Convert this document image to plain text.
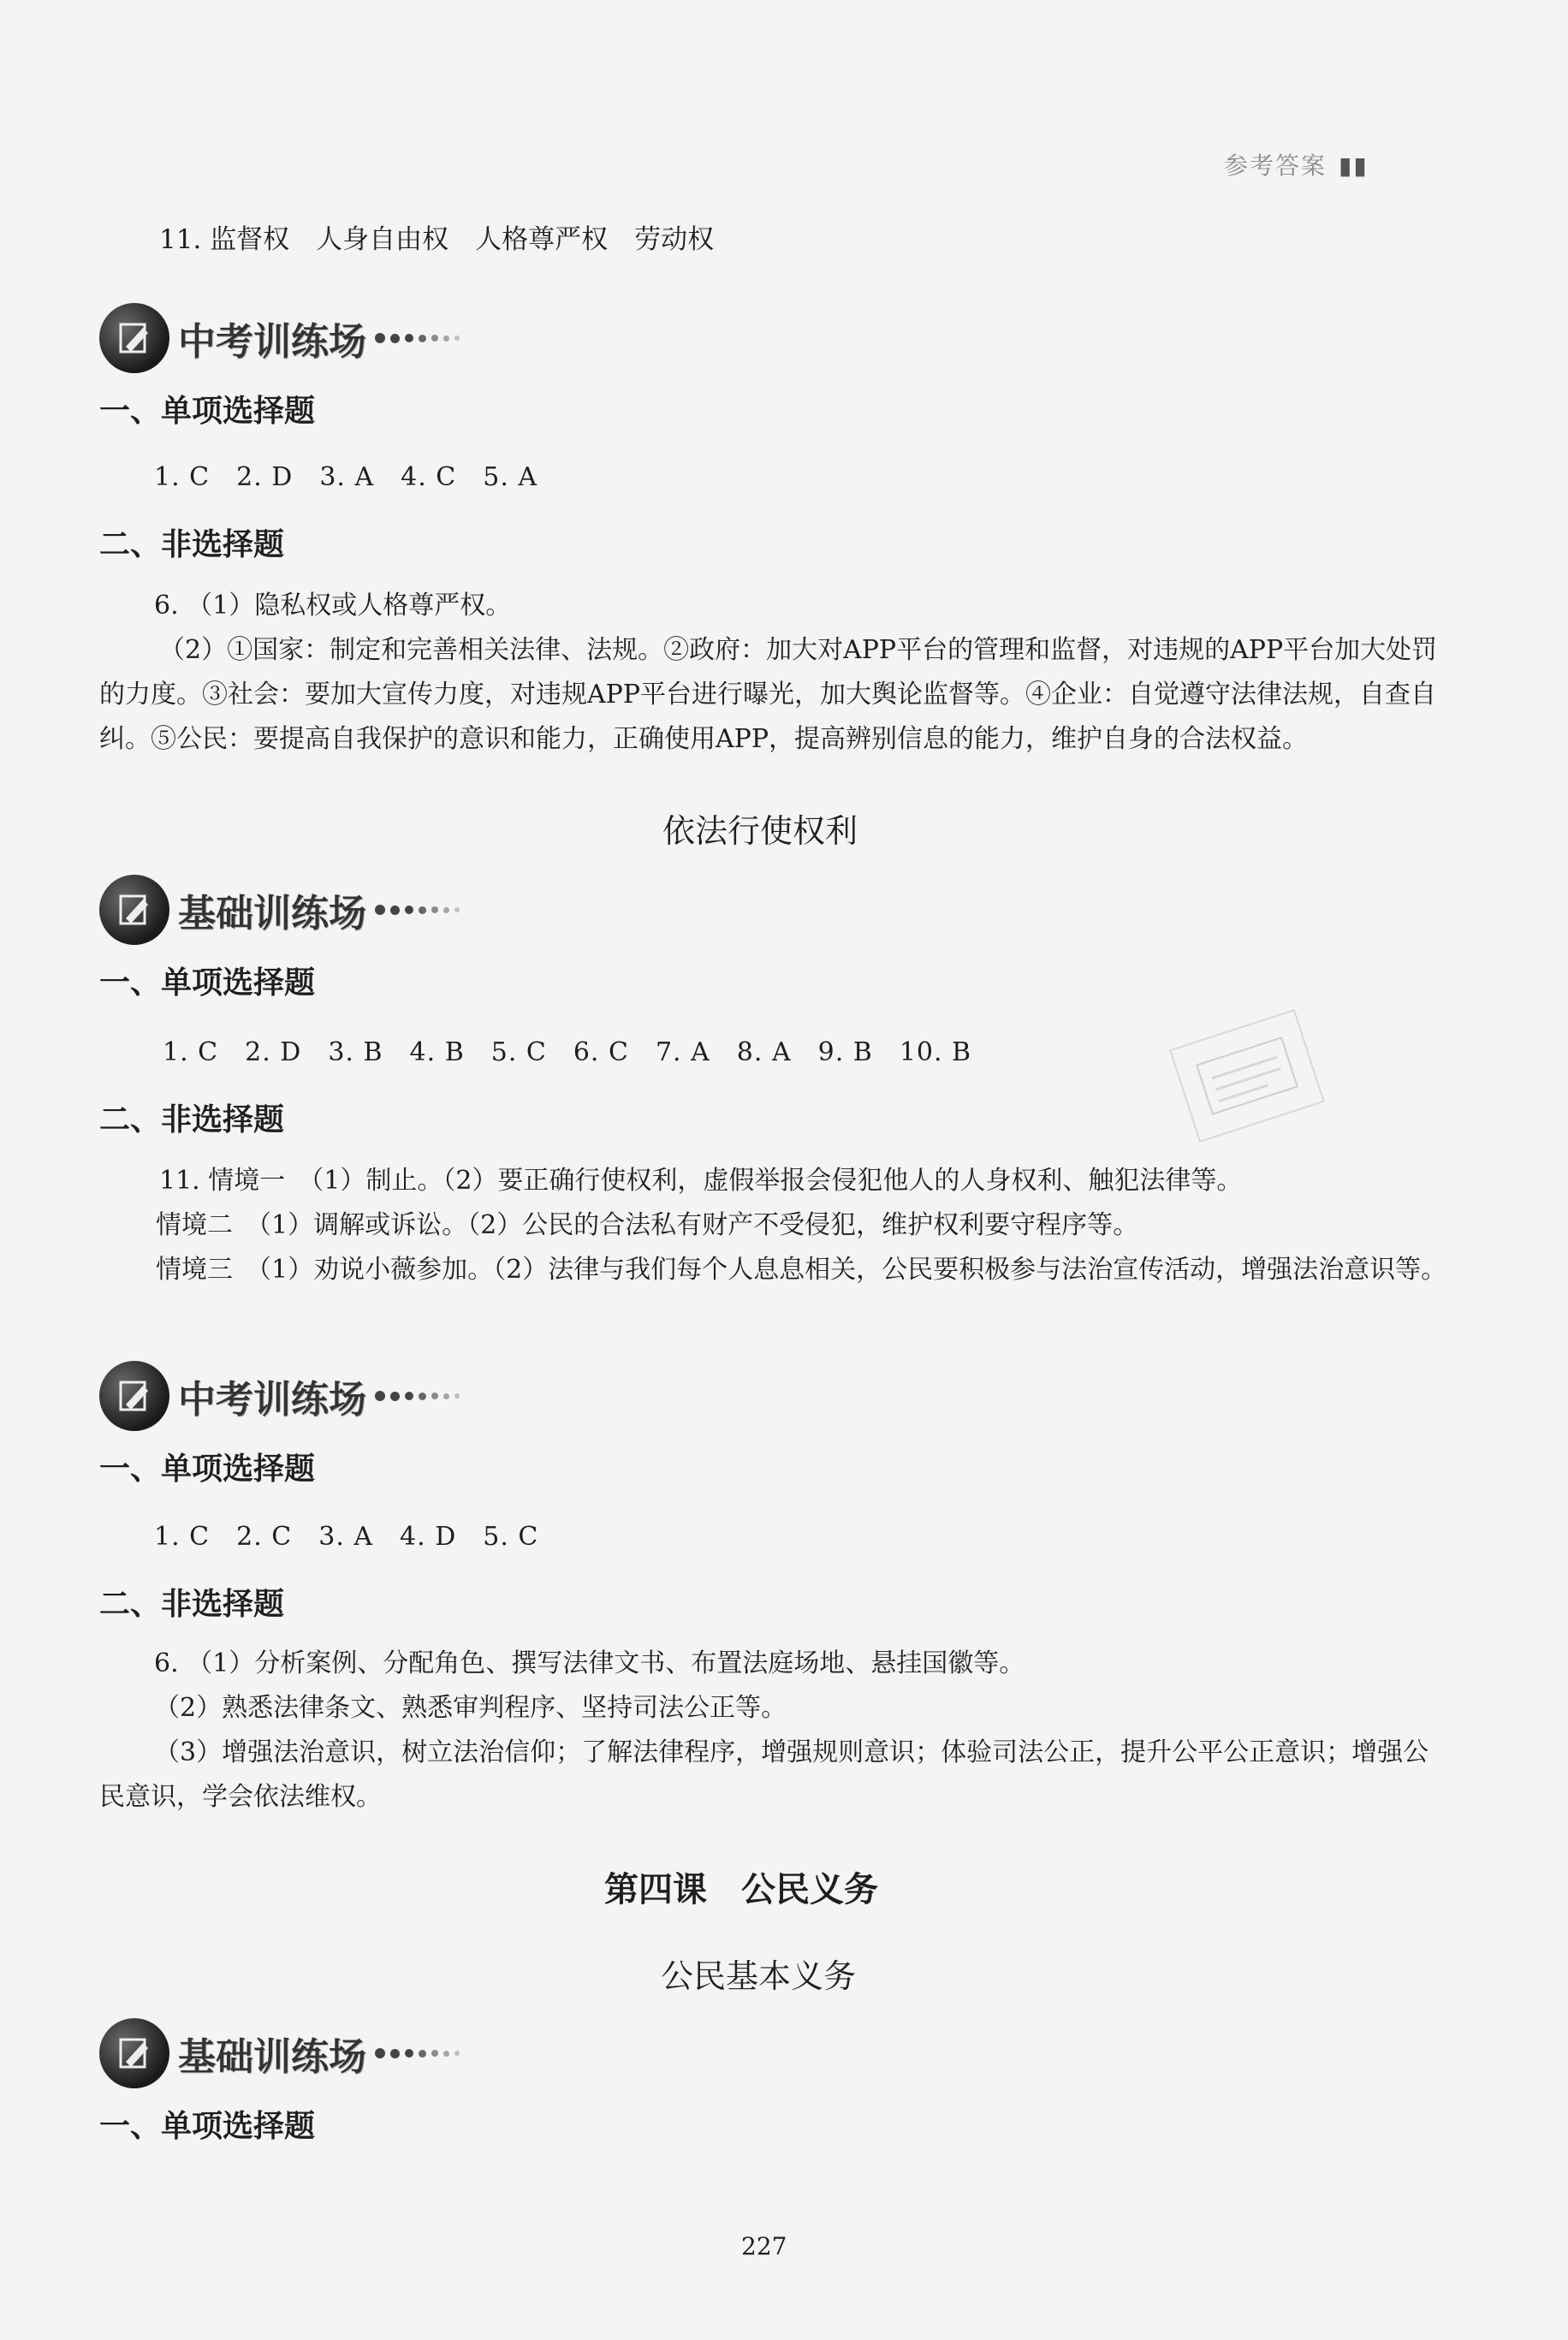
参考答案 ▮▮
11. 监督权　人身自由权　人格尊严权　劳动权
中考训练场
一、单项选择题
1. C　2. D　3. A　4. C　5. A
二、非选择题
6. （1）隐私权或人格尊严权。
（2）①国家：制定和完善相关法律、法规。②政府：加大对APP平台的管理和监督，对违规的APP平台加大处罚的力度。③社会：要加大宣传力度，对违规APP平台进行曝光，加大舆论监督等。④企业：自觉遵守法律法规，自查自纠。⑤公民：要提高自我保护的意识和能力，正确使用APP，提高辨别信息的能力，维护自身的合法权益。
依法行使权利
基础训练场
一、单项选择题
1. C　2. D　3. B　4. B　5. C　6. C　7. A　8. A　9. B　10. B
二、非选择题
11. 情境一　（1）制止。（2）要正确行使权利，虚假举报会侵犯他人的人身权利、触犯法律等。
情境二　（1）调解或诉讼。（2）公民的合法私有财产不受侵犯，维护权利要守程序等。
情境三　（1）劝说小薇参加。（2）法律与我们每个人息息相关，公民要积极参与法治宣传活动，增强法治意识等。
中考训练场
一、单项选择题
1. C　2. C　3. A　4. D　5. C
二、非选择题
6. （1）分析案例、分配角色、撰写法律文书、布置法庭场地、悬挂国徽等。
（2）熟悉法律条文、熟悉审判程序、坚持司法公正等。
（3）增强法治意识，树立法治信仰；了解法律程序，增强规则意识；体验司法公正，提升公平公正意识；增强公民意识，学会依法维权。
第四课　公民义务
公民基本义务
基础训练场
一、单项选择题
227
